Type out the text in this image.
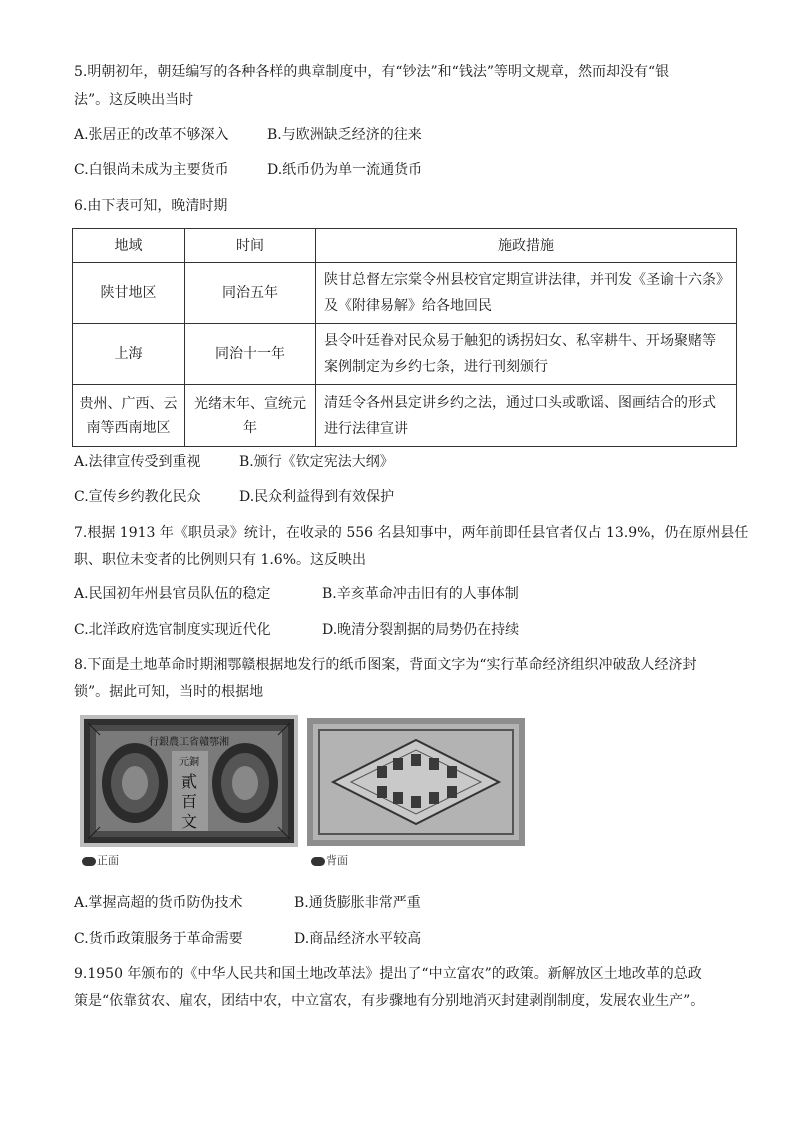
5.明朝初年，朝廷编写的各种各样的典章制度中，有“钞法”和“钱法”等明文规章，然而却没有“银
法”。这反映出当时
A.张居正的改革不够深入	B.与欧洲缺乏经济的往来
C.白银尚未成为主要货币	D.纸币仍为单一流通货币
6.由下表可知，晚清时期
地域	时间	施政措施
陕甘地区	同治五年	陕甘总督左宗棠令州县校官定期宣讲法律，并刊发《圣谕十六条》及《附律易解》给各地回民
上海	同治十一年	县令叶廷眷对民众易于触犯的诱拐妇女、私宰耕牛、开场聚赌等案例制定为乡约七条，进行刊刻颁行
贵州、广西、云南等西南地区	光绪末年、宣统元年	清廷令各州县定讲乡约之法，通过口头或歌谣、图画结合的形式进行法律宣讲
A.法律宣传受到重视	B.颁行《钦定宪法大纲》
C.宣传乡约教化民众	D.民众利益得到有效保护
7.根据 1913 年《职员录》统计，在收录的 556 名县知事中，两年前即任县官者仅占 13.9%，仍在原州县任
职、职位未变者的比例则只有 1.6%。这反映出
A.民国初年州县官员队伍的稳定	B.辛亥革命冲击旧有的人事体制
C.北洋政府选官制度实现近代化	D.晚清分裂割据的局势仍在持续
8.下面是土地革命时期湘鄂赣根据地发行的纸币图案，背面文字为“实行革命经济组织冲破敌人经济封
锁”。据此可知，当时的根据地
行銀農工省贛鄂湘
元銅
貳
百
文
正面	背面
A.掌握高超的货币防伪技术	B.通货膨胀非常严重
C.货币政策服务于革命需要	D.商品经济水平较高
9.1950 年颁布的《中华人民共和国土地改革法》提出了“中立富农”的政策。新解放区土地改革的总政
策是“依靠贫农、雇农，团结中农，中立富农，有步骤地有分别地消灭封建剥削制度，发展农业生产”。
